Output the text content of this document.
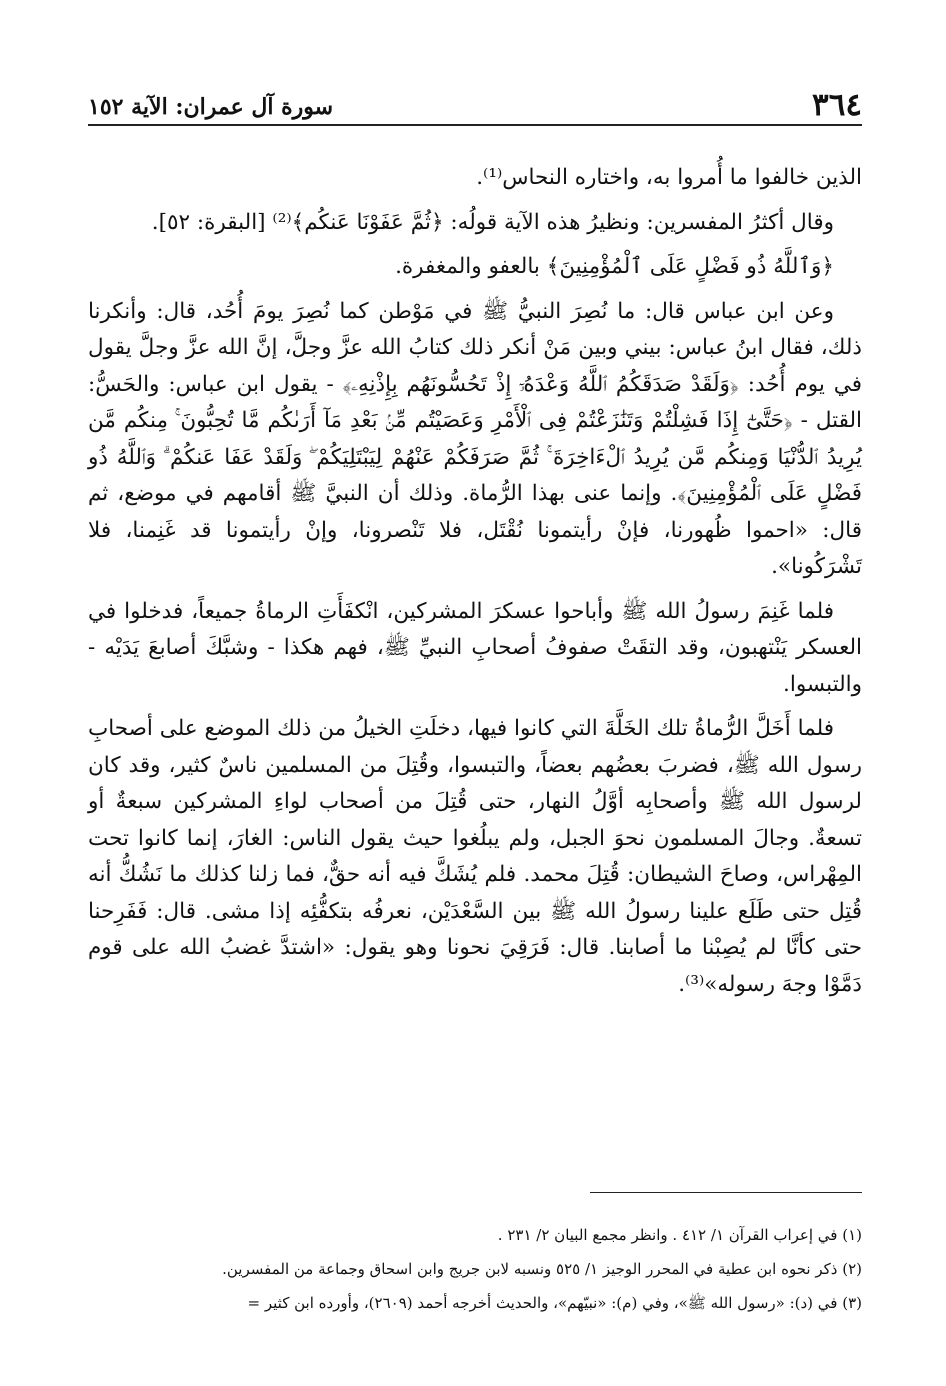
٣٦٤
سورة آل عمران: الآية ١٥٢

الذين خالفوا ما أُمروا به، واختاره النحاس⁽¹⁾.

وقال أكثرُ المفسرين: ونظيرُ هذه الآية قولُه: ﴿ثُمَّ عَفَوْنَا عَنكُم﴾⁽²⁾ [البقرة: ٥٢].

﴿وَٱللَّهُ ذُو فَضْلٍ عَلَى ٱلْمُؤْمِنِينَ﴾ بالعفو والمغفرة.

وعن ابن عباس قال: ما نُصِرَ النبيُّ ﷺ في مَوْطن كما نُصِرَ يومَ أُحُد، قال: وأنكرنا ذلك، فقال ابنُ عباس: بيني وبين مَنْ أنكر ذلك كتابُ الله عزَّ وجلَّ، إنَّ الله عزَّ وجلَّ يقول في يوم أُحُد: ﴿وَلَقَدْ صَدَقَكُمُ ٱللَّهُ وَعْدَهُۥٓ إِذْ تَحُسُّونَهُم بِإِذْنِهِۦ﴾ - يقول ابن عباس: والحَسُّ: القتل - ﴿حَتَّىٰٓ إِذَا فَشِلْتُمْ وَتَنَٰزَعْتُمْ فِى ٱلْأَمْرِ وَعَصَيْتُم مِّنۢ بَعْدِ مَآ أَرَىٰكُم مَّا تُحِبُّونَ ۚ مِنكُم مَّن يُرِيدُ ٱلدُّنْيَا وَمِنكُم مَّن يُرِيدُ ٱلْءَاخِرَةَ ۚ ثُمَّ صَرَفَكُمْ عَنْهُمْ لِيَبْتَلِيَكُمْ ۖ وَلَقَدْ عَفَا عَنكُمْ ۗ وَٱللَّهُ ذُو فَضْلٍ عَلَى ٱلْمُؤْمِنِينَ﴾. وإنما عنى بهذا الرُّماة. وذلك أن النبيَّ ﷺ أقامهم في موضع، ثم قال: «احموا ظُهورنا، فإنْ رأيتمونا نُقْتَل، فلا تَنْصرونا، وإنْ رأيتمونا قد غَنِمنا، فلا تَشْرَكُونا».

فلما غَنِمَ رسولُ الله ﷺ وأباحوا عسكرَ المشركين، انْكفَأَتِ الرماةُ جميعاً، فدخلوا في العسكر يَنْتهبون، وقد التقَتْ صفوفُ أصحابِ النبيِّ ﷺ، فهم هكذا - وشبَّكَ أصابعَ يَدَيْه - والتبسوا.

فلما أَخَلَّ الرُّماةُ تلك الخَلَّةَ التي كانوا فيها، دخلَتِ الخيلُ من ذلك الموضع على أصحابِ رسول الله ﷺ، فضربَ بعضُهم بعضاً، والتبسوا، وقُتِلَ من المسلمين ناسٌ كثير، وقد كان لرسول الله ﷺ وأصحابِه أوَّلُ النهار، حتى قُتِلَ من أصحاب لواءِ المشركين سبعةٌ أو تسعةٌ. وجالَ المسلمون نحوَ الجبل، ولم يبلُغوا حيث يقول الناس: الغارَ، إنما كانوا تحت المِهْراس، وصاحَ الشيطان: قُتِلَ محمد. فلم يُشَكَّ فيه أنه حقٌّ، فما زلنا كذلك ما نَشُكُّ أنه قُتِل حتى طَلَع علينا رسولُ الله ﷺ بين السَّعْدَيْن، نعرفُه بتكفُّئِه إذا مشى. قال: فَفَرِحنا حتى كأنَّا لم يُصِبْنا ما أصابنا. قال: فَرَقِيَ نحونا وهو يقول: «اشتدَّ غضبُ الله على قوم دَمَّوْا وجهَ رسوله»⁽³⁾.

(١) في إعراب القرآن ١/ ٤١٢ . وانظر مجمع البيان ٢/ ٢٣١ .
(٢) ذكر نحوه ابن عطية في المحرر الوجيز ١/ ٥٢٥ ونسبه لابن جريج وابن اسحاق وجماعة من المفسرين.
(٣) في (د): «رسول الله ﷺ»، وفي (م): «نبيّهم»، والحديث أخرجه أحمد (٢٦٠٩)، وأورده ابن كثير =
